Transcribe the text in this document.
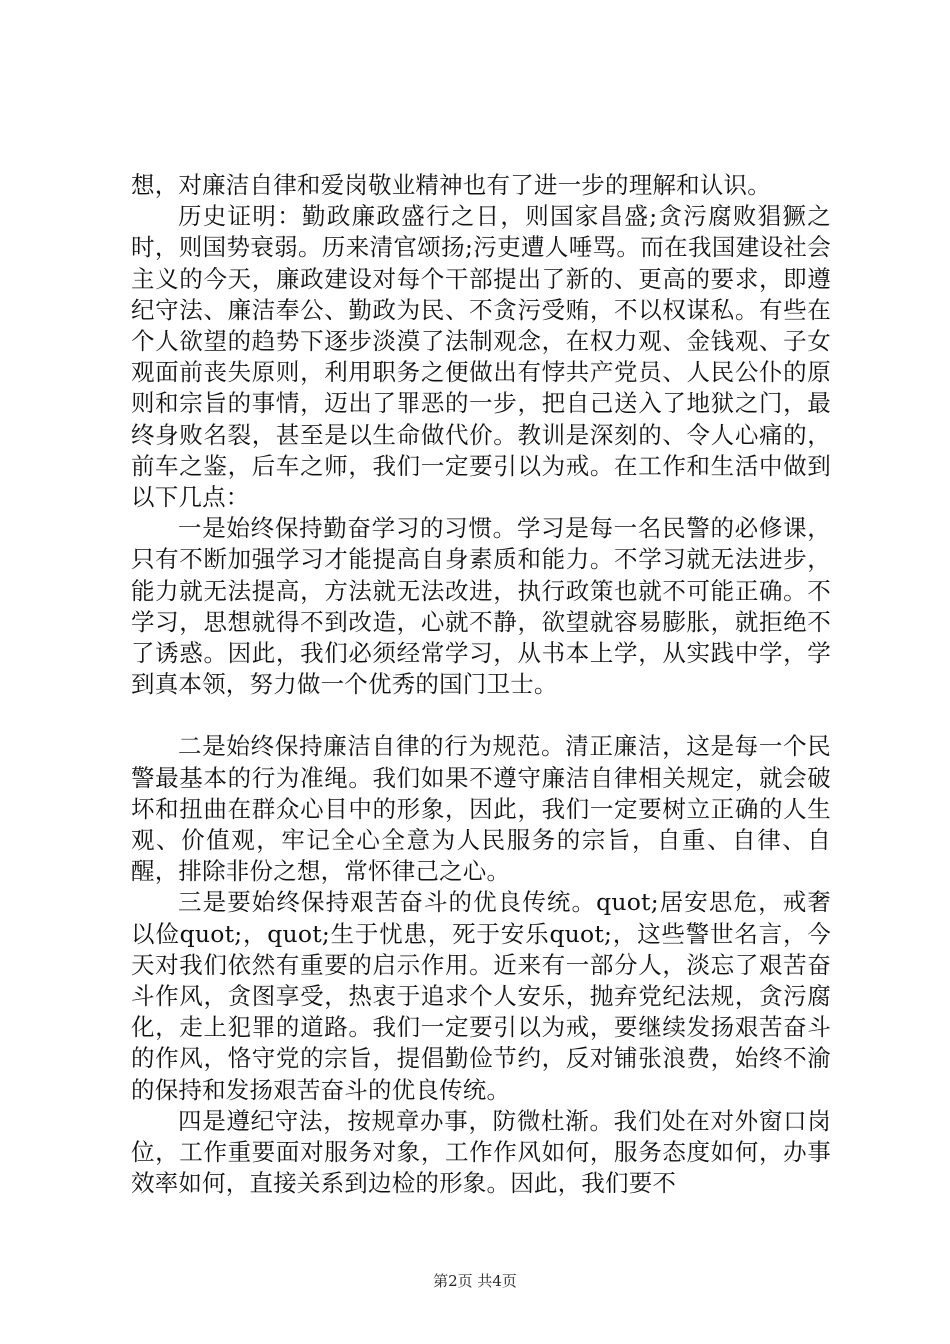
想，对廉洁自律和爱岗敬业精神也有了进一步的理解和认识。

历史证明：勤政廉政盛行之日，则国家昌盛;贪污腐败猖獗之时，则国势衰弱。历来清官颂扬;污吏遭人唾骂。而在我国建设社会主义的今天，廉政建设对每个干部提出了新的、更高的要求，即遵纪守法、廉洁奉公、勤政为民、不贪污受贿，不以权谋私。有些在个人欲望的趋势下逐步淡漠了法制观念，在权力观、金钱观、子女观面前丧失原则，利用职务之便做出有悖共产党员、人民公仆的原则和宗旨的事情，迈出了罪恶的一步，把自己送入了地狱之门，最终身败名裂，甚至是以生命做代价。教训是深刻的、令人心痛的，前车之鉴，后车之师，我们一定要引以为戒。在工作和生活中做到以下几点：

一是始终保持勤奋学习的习惯。学习是每一名民警的必修课，只有不断加强学习才能提高自身素质和能力。不学习就无法进步，能力就无法提高，方法就无法改进，执行政策也就不可能正确。不学习，思想就得不到改造，心就不静，欲望就容易膨胀，就拒绝不了诱惑。因此，我们必须经常学习，从书本上学，从实践中学，学到真本领，努力做一个优秀的国门卫士。

二是始终保持廉洁自律的行为规范。清正廉洁，这是每一个民警最基本的行为准绳。我们如果不遵守廉洁自律相关规定，就会破坏和扭曲在群众心目中的形象，因此，我们一定要树立正确的人生观、价值观，牢记全心全意为人民服务的宗旨，自重、自律、自醒，排除非份之想，常怀律己之心。

三是要始终保持艰苦奋斗的优良传统。quot;居安思危，戒奢以俭quot;，quot;生于忧患，死于安乐quot;，这些警世名言，今天对我们依然有重要的启示作用。近来有一部分人，淡忘了艰苦奋斗作风，贪图享受，热衷于追求个人安乐，抛弃党纪法规，贪污腐化，走上犯罪的道路。我们一定要引以为戒，要继续发扬艰苦奋斗的作风，恪守党的宗旨，提倡勤俭节约，反对铺张浪费，始终不渝的保持和发扬艰苦奋斗的优良传统。

四是遵纪守法，按规章办事，防微杜渐。我们处在对外窗口岗位，工作重要面对服务对象，工作作风如何，服务态度如何，办事效率如何，直接关系到边检的形象。因此，我们要不

第2页 共4页
